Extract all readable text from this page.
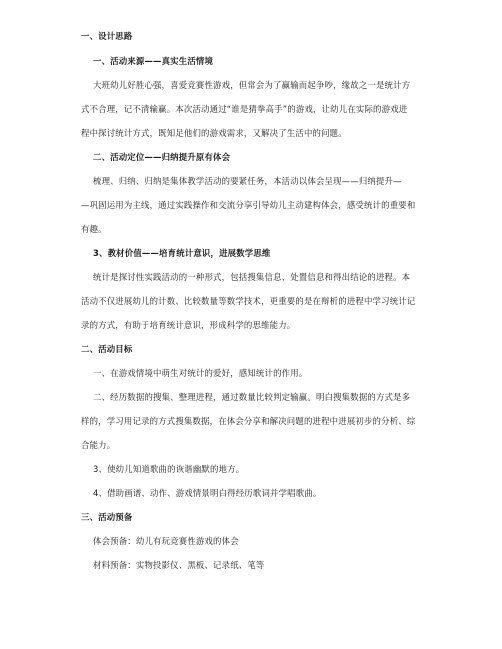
一、设计思路
一、活动来源——真实生活情境
大班幼儿好胜心强，喜爱竞赛性游戏，但常会为了赢输而起争吵，缘故之一是统计方
式不合理，记不清输赢。本次活动通过“谁是猜拳高手”的游戏，让幼儿在实际的游戏进
程中探讨统计方式，既知足他们的游戏需求，又解决了生活中的问题。
二、活动定位——归纳提升原有体会
梳理、归纳、归纳是集体教学活动的要紧任务，本活动以体会呈现——归纳提升—
—巩固运用为主线，通过实践操作和交流分享引导幼儿主动建构体会，感受统计的重要和
有趣。
3、教材价值——培育统计意识，进展数学思维
统计是探讨性实践活动的一种形式，包括搜集信息、处置信息和得出结论的进程。本
活动不仅进展幼儿的计数、比较数量等数学技术，更重要的是在辩析的进程中学习统计记
录的方式，有助于培育统计意识，形成科学的思维能力。
二、活动目标
一、在游戏情境中萌生对统计的爱好，感知统计的作用。
二、经历数据的搜集、整理进程，通过数量比较判定输赢。明白搜集数据的方式是多
样的，学习用记录的方式搜集数据，在体会分享和解决问题的进程中进展初步的分析、综
合能力。
3、使幼儿知道歌曲的诙谐幽默的地方。
4、借助画谱、动作、游戏情景明白得经历歌词并学唱歌曲。
三、活动预备
体会预备：幼儿有玩竞赛性游戏的体会
材料预备：实物投影仪、黑板、记录纸、笔等
